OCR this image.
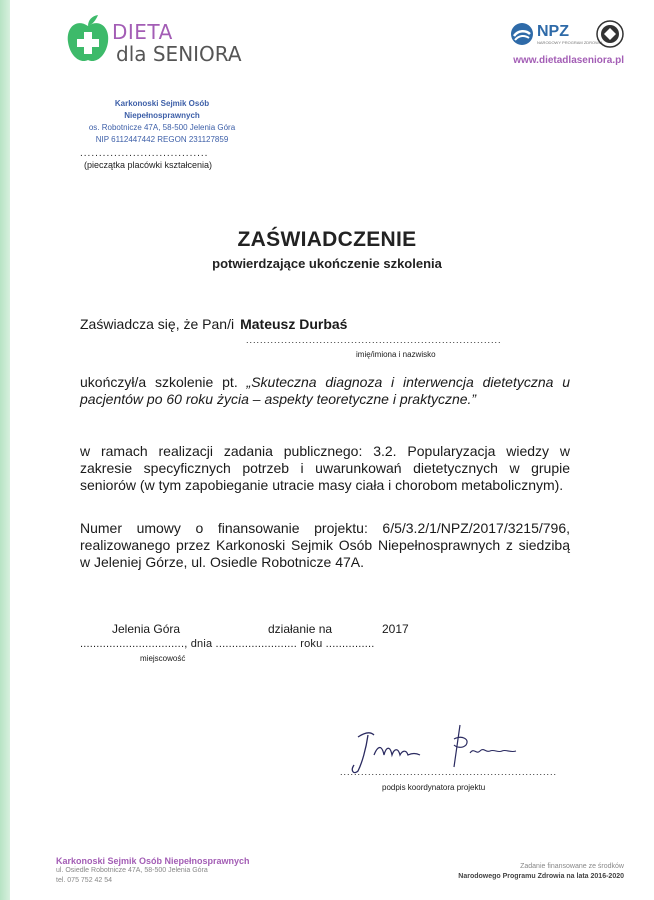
DIETA
dla SENIORA
NPZ
NARODOWY PROGRAM ZDROWIA
www.dietadlaseniora.pl
Karkonoski Sejmik Osób
Niepełnosprawnych
os. Robotnicze 47A, 58-500 Jelenia Góra
NIP 6112447442 REGON 231127859
..................................
(pieczątka placówki kształcenia)
ZAŚWIADCZENIE
potwierdzające ukończenie szkolenia
Zaświadcza się, że Pan/i Mateusz Durbaś
.........................................................................
imię/imiona i nazwisko
ukończył/a szkolenie pt. „Skuteczna diagnoza i interwencja dietetyczna u pacjentów po 60 roku życia – aspekty teoretyczne i praktyczne.”
w ramach realizacji zadania publicznego: 3.2. Popularyzacja wiedzy w zakresie specyficznych potrzeb i uwarunkowań dietetycznych w grupie seniorów (w tym zapobieganie utracie masy ciała i chorobom metabolicznym).
Numer umowy o finansowanie projektu: 6/5/3.2/1/NPZ/2017/3215/796, realizowanego przez Karkonoski Sejmik Osób Niepełnosprawnych z siedzibą w Jeleniej Górze, ul. Osiedle Robotnicze 47A.
Jelenia Góra	działanie na	2017
................................, dnia ......................... roku ...............
miejscowość
..............................................................
podpis koordynatora projektu
Karkonoski Sejmik Osób Niepełnosprawnych
ul. Osiedle Robotnicze 47A, 58-500 Jelenia Góra
tel. 075 752 42 54
Zadanie finansowane ze środków
Narodowego Programu Zdrowia na lata 2016-2020
